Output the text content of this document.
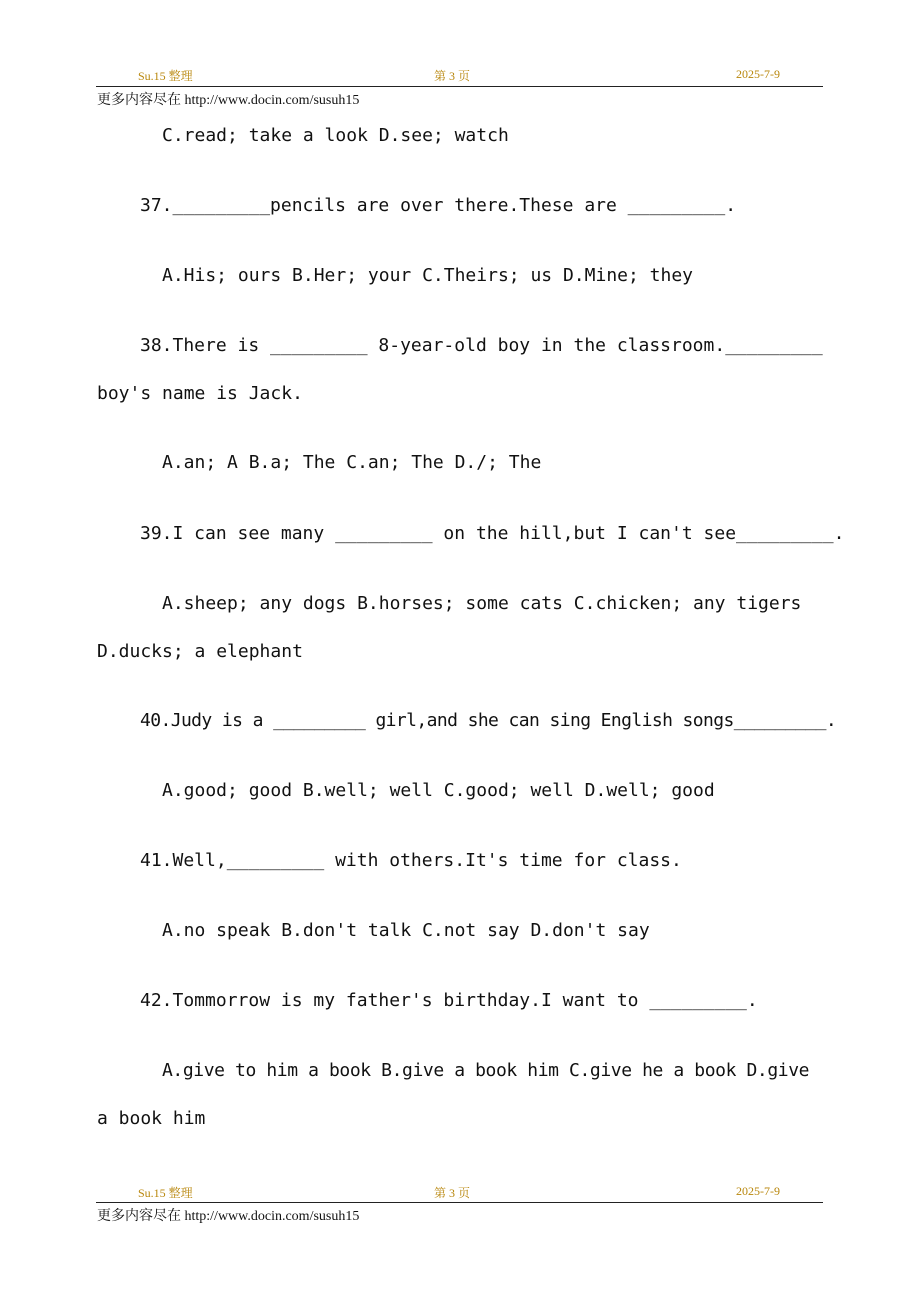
Su.15 整理	第 3 页	2025-7-9
更多内容尽在 http://www.docin.com/susuh15
C.read; take a look D.see; watch
37._________pencils are over there.These are _________.
A.His; ours B.Her; your C.Theirs; us D.Mine; they
38.There is _________ 8-year-old boy in the classroom._________
boy's name is Jack.
A.an; A B.a; The C.an; The D./; The
39.I can see many _________ on the hill,but I can't see_________.
A.sheep; any dogs B.horses; some cats C.chicken; any tigers
D.ducks; a elephant
40.Judy is a _________ girl,and she can sing English songs_________.
A.good; good B.well; well C.good; well D.well; good
41.Well,_________ with others.It's time for class.
A.no speak B.don't talk C.not say D.don't say
42.Tommorrow is my father's birthday.I want to _________.
A.give to him a book B.give a book him C.give he a book D.give
a book him
Su.15 整理	第 3 页	2025-7-9
更多内容尽在 http://www.docin.com/susuh15
